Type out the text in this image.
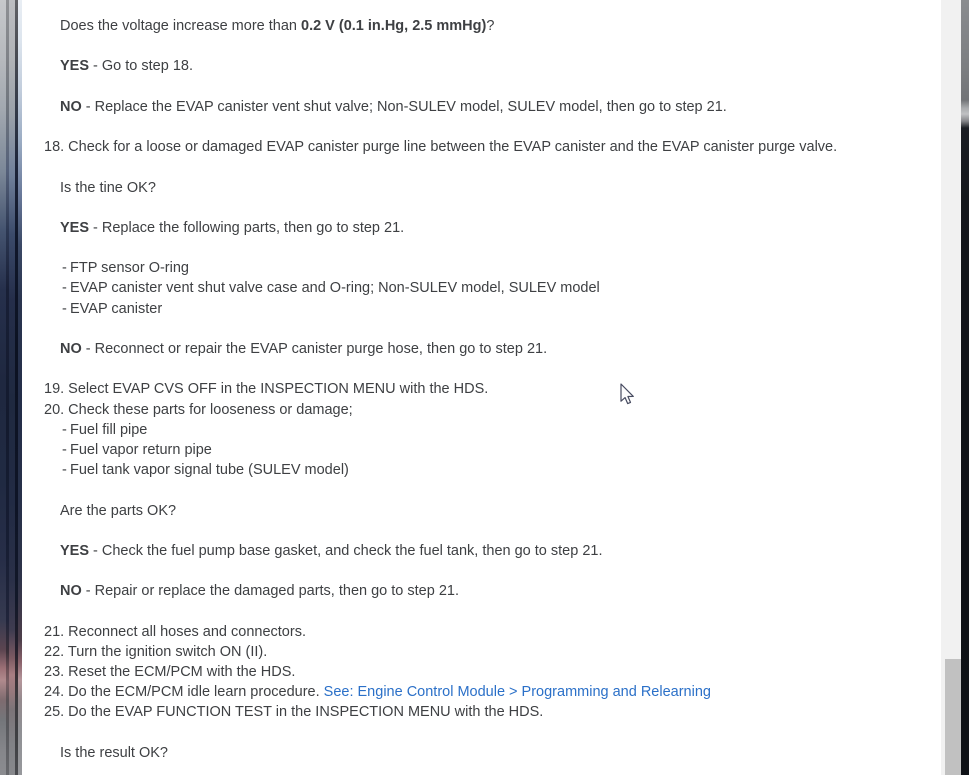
Does the voltage increase more than 0.2 V (0.1 in.Hg, 2.5 mmHg)?
YES - Go to step 18.
NO - Replace the EVAP canister vent shut valve; Non-SULEV model, SULEV model, then go to step 21.
18. Check for a loose or damaged EVAP canister purge line between the EVAP canister and the EVAP canister purge valve.
Is the tine OK?
YES - Replace the following parts, then go to step 21.
- FTP sensor O-ring
- EVAP canister vent shut valve case and O-ring; Non-SULEV model, SULEV model
- EVAP canister
NO - Reconnect or repair the EVAP canister purge hose, then go to step 21.
19. Select EVAP CVS OFF in the INSPECTION MENU with the HDS.
20. Check these parts for looseness or damage;
- Fuel fill pipe
- Fuel vapor return pipe
- Fuel tank vapor signal tube (SULEV model)
Are the parts OK?
YES - Check the fuel pump base gasket, and check the fuel tank, then go to step 21.
NO - Repair or replace the damaged parts, then go to step 21.
21. Reconnect all hoses and connectors.
22. Turn the ignition switch ON (II).
23. Reset the ECM/PCM with the HDS.
24. Do the ECM/PCM idle learn procedure. See: Engine Control Module > Programming and Relearning
25. Do the EVAP FUNCTION TEST in the INSPECTION MENU with the HDS.
Is the result OK?
